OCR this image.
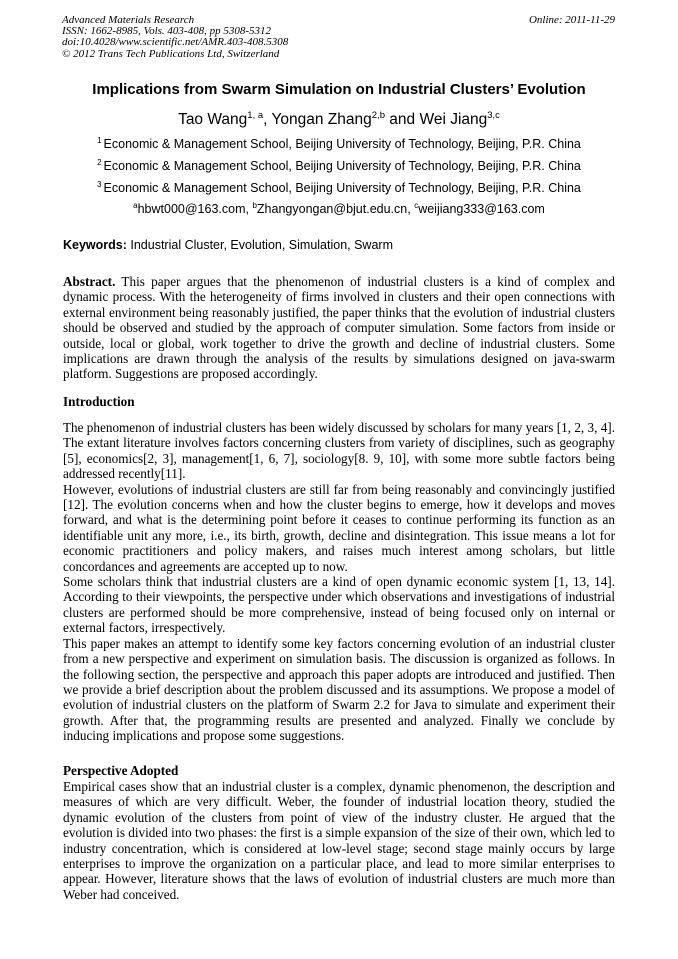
Advanced Materials Research
ISSN: 1662-8985, Vols. 403-408, pp 5308-5312
doi:10.4028/www.scientific.net/AMR.403-408.5308
© 2012 Trans Tech Publications Ltd, Switzerland
Online: 2011-11-29
Implications from Swarm Simulation on Industrial Clusters’ Evolution
Tao Wang$^{1, a}$, Yongan Zhang$^{2,b}$ and Wei Jiang$^{3,c}$
$^1$ Economic & Management School, Beijing University of Technology, Beijing, P.R. China
$^2$ Economic & Management School, Beijing University of Technology, Beijing, P.R. China
$^3$ Economic & Management School, Beijing University of Technology, Beijing, P.R. China
$^a$hbwt000@163.com, $^b$Zhangyongan@bjut.edu.cn, $^c$weijiang333@163.com
Keywords: Industrial Cluster, Evolution, Simulation, Swarm

Abstract. This paper argues that the phenomenon of industrial clusters is a kind of complex and dynamic process. With the heterogeneity of firms involved in clusters and their open connections with external environment being reasonably justified, the paper thinks that the evolution of industrial clusters should be observed and studied by the approach of computer simulation. Some factors from inside or outside, local or global, work together to drive the growth and decline of industrial clusters. Some implications are drawn through the analysis of the results by simulations designed on java-swarm platform. Suggestions are proposed accordingly.

Introduction

The phenomenon of industrial clusters has been widely discussed by scholars for many years [1, 2, 3, 4]. The extant literature involves factors concerning clusters from variety of disciplines, such as geography [5], economics[2, 3], management[1, 6, 7], sociology[8. 9, 10], with some more subtle factors being addressed recently[11].

However, evolutions of industrial clusters are still far from being reasonably and convincingly justified [12]. The evolution concerns when and how the cluster begins to emerge, how it develops and moves forward, and what is the determining point before it ceases to continue performing its function as an identifiable unit any more, i.e., its birth, growth, decline and disintegration. This issue means a lot for economic practitioners and policy makers, and raises much interest among scholars, but little concordances and agreements are accepted up to now.

Some scholars think that industrial clusters are a kind of open dynamic economic system [1, 13, 14]. According to their viewpoints, the perspective under which observations and investigations of industrial clusters are performed should be more comprehensive, instead of being focused only on internal or external factors, irrespectively.

This paper makes an attempt to identify some key factors concerning evolution of an industrial cluster from a new perspective and experiment on simulation basis. The discussion is organized as follows. In the following section, the perspective and approach this paper adopts are introduced and justified. Then we provide a brief description about the problem discussed and its assumptions. We propose a model of evolution of industrial clusters on the platform of Swarm 2.2 for Java to simulate and experiment their growth. After that, the programming results are presented and analyzed. Finally we conclude by inducing implications and propose some suggestions.

Perspective Adopted

Empirical cases show that an industrial cluster is a complex, dynamic phenomenon, the description and measures of which are very difficult. Weber, the founder of industrial location theory, studied the dynamic evolution of the clusters from point of view of the industry cluster. He argued that the evolution is divided into two phases: the first is a simple expansion of the size of their own, which led to industry concentration, which is considered at low-level stage; second stage mainly occurs by large enterprises to improve the organization on a particular place, and lead to more similar enterprises to appear. However, literature shows that the laws of evolution of industrial clusters are much more than Weber had conceived.
